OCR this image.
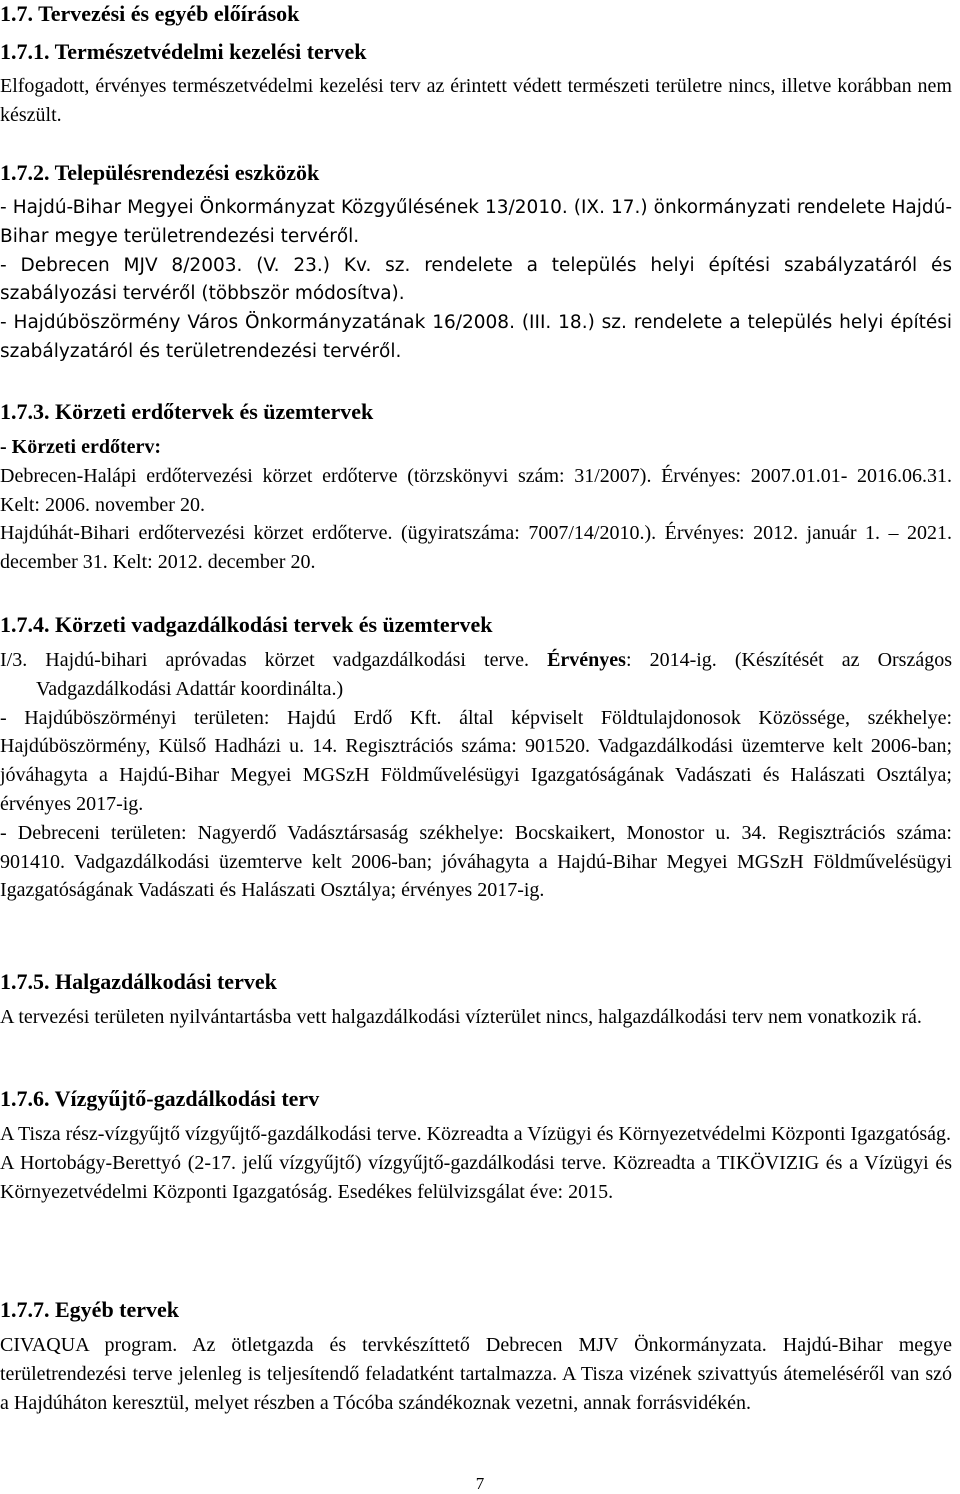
1.7. Tervezési és egyéb előírások
1.7.1. Természetvédelmi kezelési tervek

Elfogadott, érvényes természetvédelmi kezelési terv az érintett védett természeti területre nincs, illetve korábban nem készült.

1.7.2. Településrendezési eszközök

- Hajdú-Bihar Megyei Önkormányzat Közgyűlésének 13/2010. (IX. 17.) önkormányzati rendelete Hajdú-Bihar megye területrendezési tervéről.

- Debrecen MJV 8/2003. (V. 23.) Kv. sz. rendelete a település helyi építési szabályzatáról és szabályozási tervéről (többször módosítva).

- Hajdúböszörmény Város Önkormányzatának 16/2008. (III. 18.) sz. rendelete a település helyi építési szabályzatáról és területrendezési tervéről.

1.7.3. Körzeti erdőtervek és üzemtervek

- Körzeti erdőterv:

Debrecen-Halápi erdőtervezési körzet erdőterve (törzskönyvi szám: 31/2007). Érvényes: 2007.01.01- 2016.06.31. Kelt: 2006. november 20.

Hajdúhát-Bihari erdőtervezési körzet erdőterve. (ügyiratszáma: 7007/14/2010.). Érvényes: 2012. január 1. – 2021. december 31. Kelt: 2012. december 20.

1.7.4. Körzeti vadgazdálkodási tervek és üzemtervek

I/3. Hajdú-bihari apróvadas körzet vadgazdálkodási terve. Érvényes: 2014-ig. (Készítését az Országos Vadgazdálkodási Adattár koordinálta.)

- Hajdúböszörményi területen: Hajdú Erdő Kft. által képviselt Földtulajdonosok Közössége, székhelye: Hajdúböszörmény, Külső Hadházi u. 14. Regisztrációs száma: 901520. Vadgazdálkodási üzemterve kelt 2006-ban; jóváhagyta a Hajdú-Bihar Megyei MGSzH Földművelésügyi Igazgatóságának Vadászati és Halászati Osztálya; érvényes 2017-ig.

- Debreceni területen: Nagyerdő Vadásztársaság székhelye: Bocskaikert, Monostor u. 34. Regisztrációs száma: 901410. Vadgazdálkodási üzemterve kelt 2006-ban; jóváhagyta a Hajdú-Bihar Megyei MGSzH Földművelésügyi Igazgatóságának Vadászati és Halászati Osztálya; érvényes 2017-ig.

1.7.5. Halgazdálkodási tervek

A tervezési területen nyilvántartásba vett halgazdálkodási vízterület nincs, halgazdálkodási terv nem vonatkozik rá.

1.7.6. Vízgyűjtő-gazdálkodási terv

A Tisza rész-vízgyűjtő vízgyűjtő-gazdálkodási terve. Közreadta a Vízügyi és Környezetvédelmi Központi Igazgatóság.

A Hortobágy-Berettyó (2-17. jelű vízgyűjtő) vízgyűjtő-gazdálkodási terve. Közreadta a TIKÖVIZIG és a Vízügyi és Környezetvédelmi Központi Igazgatóság. Esedékes felülvizsgálat éve: 2015.

1.7.7. Egyéb tervek

CIVAQUA program. Az ötletgazda és tervkészíttető Debrecen MJV Önkormányzata. Hajdú-Bihar megye területrendezési terve jelenleg is teljesítendő feladatként tartalmazza. A Tisza vizének szivattyús átemeléséről van szó a Hajdúháton keresztül, melyet részben a Tócóba szándékoznak vezetni, annak forrásvidékén.

7
